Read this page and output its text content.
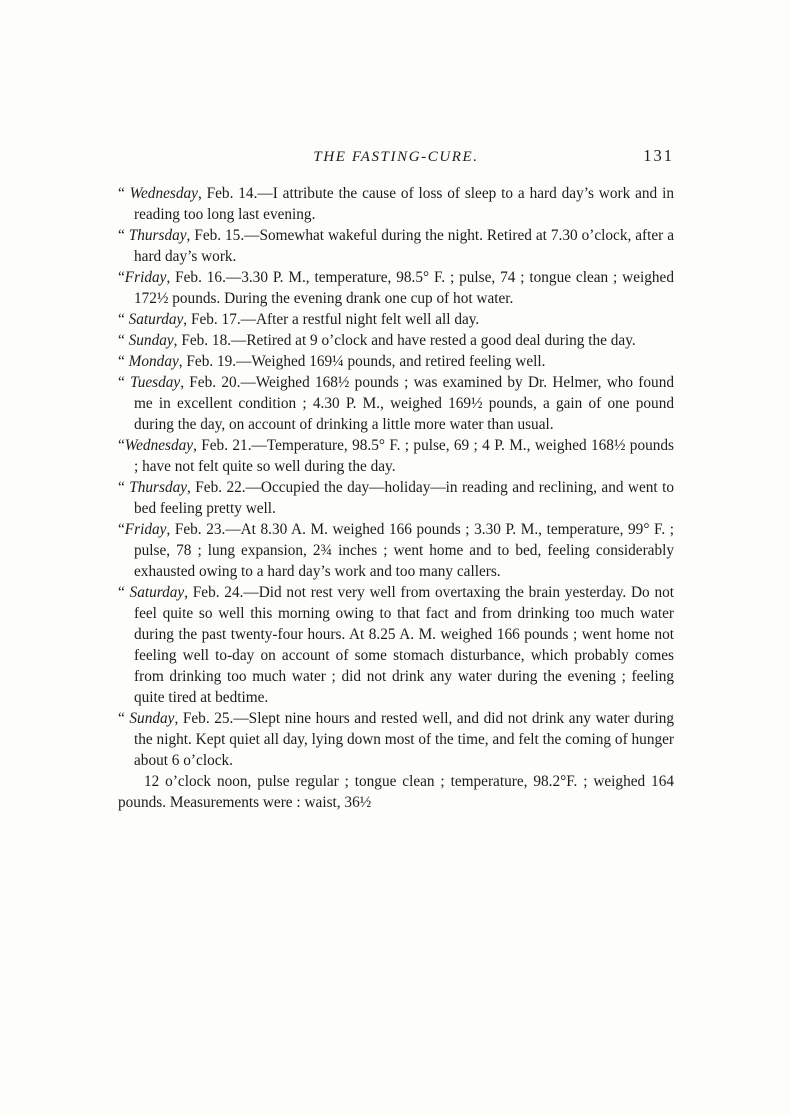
THE FASTING-CURE.	131

“ Wednesday, Feb. 14.—I attribute the cause of loss of sleep to a hard day’s work and in reading too long last evening.

“ Thursday, Feb. 15.—Somewhat wakeful during the night. Retired at 7.30 o’clock, after a hard day’s work.

“Friday, Feb. 16.—3.30 P. M., temperature, 98.5° F. ; pulse, 74 ; tongue clean ; weighed 172½ pounds. During the evening drank one cup of hot water.

“ Saturday, Feb. 17.—After a restful night felt well all day.

“ Sunday, Feb. 18.—Retired at 9 o’clock and have rested a good deal during the day.

“ Monday, Feb. 19.—Weighed 169¼ pounds, and retired feeling well.

“ Tuesday, Feb. 20.—Weighed 168½ pounds ; was examined by Dr. Helmer, who found me in excellent condition ; 4.30 P. M., weighed 169½ pounds, a gain of one pound during the day, on account of drinking a little more water than usual.

“Wednesday, Feb. 21.—Temperature, 98.5° F. ; pulse, 69 ; 4 P. M., weighed 168½ pounds ; have not felt quite so well during the day.

“ Thursday, Feb. 22.—Occupied the day—holiday—in reading and reclining, and went to bed feeling pretty well.

“Friday, Feb. 23.—At 8.30 A. M. weighed 166 pounds ; 3.30 P. M., temperature, 99° F. ; pulse, 78 ; lung expansion, 2¾ inches ; went home and to bed, feeling considerably exhausted owing to a hard day’s work and too many callers.

“ Saturday, Feb. 24.—Did not rest very well from overtaxing the brain yesterday. Do not feel quite so well this morning owing to that fact and from drinking too much water during the past twenty-four hours. At 8.25 A. M. weighed 166 pounds ; went home not feeling well to-day on account of some stomach disturbance, which probably comes from drinking too much water ; did not drink any water during the evening ; feeling quite tired at bedtime.

“ Sunday, Feb. 25.—Slept nine hours and rested well, and did not drink any water during the night. Kept quiet all day, lying down most of the time, and felt the coming of hunger about 6 o’clock.

12 o’clock noon, pulse regular ; tongue clean ; temperature, 98.2°F. ; weighed 164 pounds. Measurements were : waist, 36½
